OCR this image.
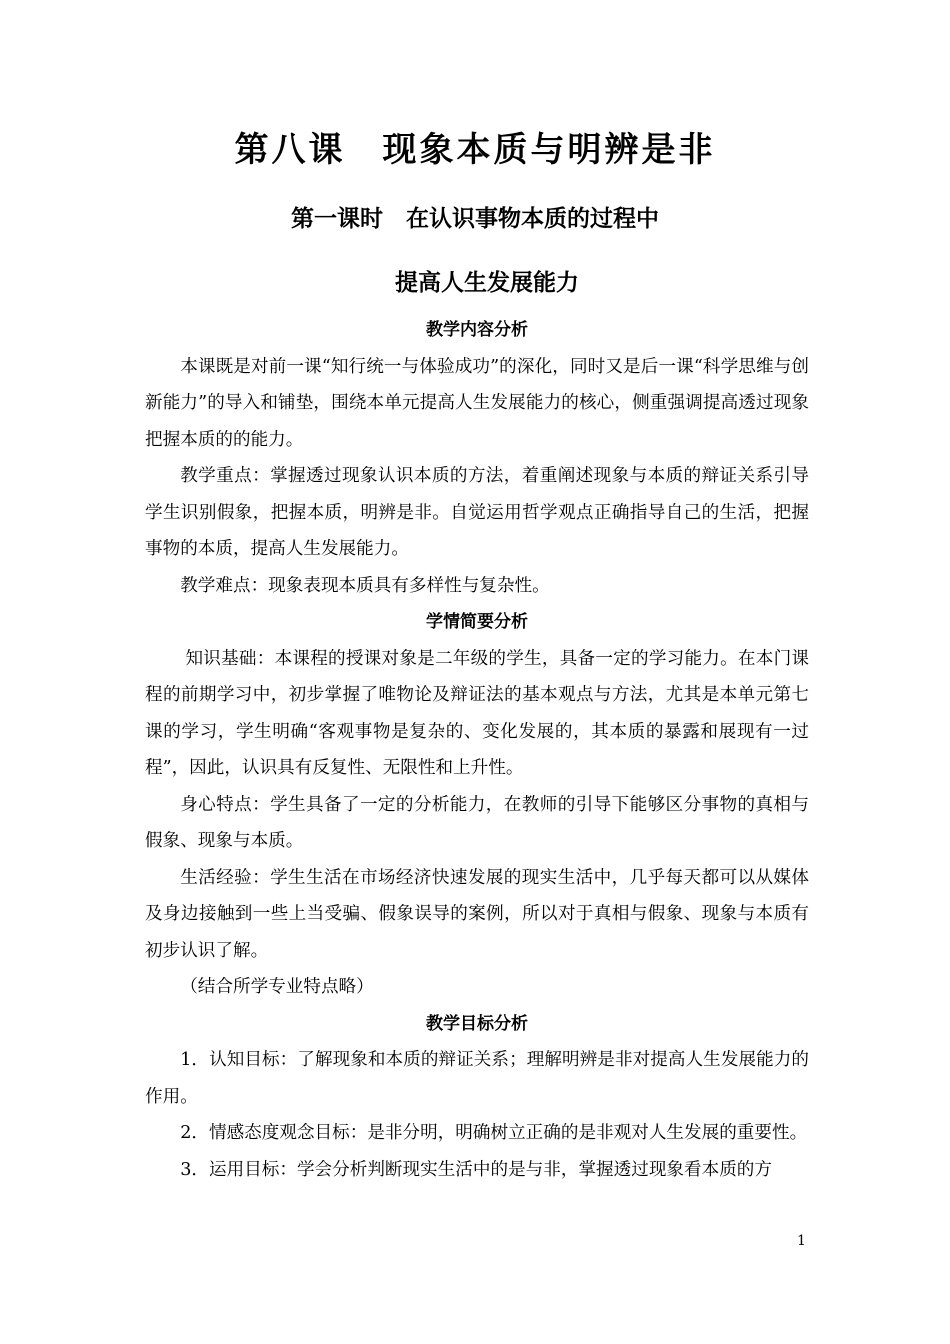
第八课　现象本质与明辨是非
第一课时　在认识事物本质的过程中
提高人生发展能力
教学内容分析

本课既是对前一课“知行统一与体验成功”的深化，同时又是后一课“科学思维与创新能力”的导入和铺垫，围绕本单元提高人生发展能力的核心，侧重强调提高透过现象把握本质的的能力。

教学重点：掌握透过现象认识本质的方法，着重阐述现象与本质的辩证关系引导学生识别假象，把握本质，明辨是非。自觉运用哲学观点正确指导自己的生活，把握事物的本质，提高人生发展能力。

教学难点：现象表现本质具有多样性与复杂性。

学情简要分析

知识基础：本课程的授课对象是二年级的学生，具备一定的学习能力。在本门课程的前期学习中，初步掌握了唯物论及辩证法的基本观点与方法，尤其是本单元第七课的学习，学生明确“客观事物是复杂的、变化发展的，其本质的暴露和展现有一过程”，因此，认识具有反复性、无限性和上升性。

身心特点：学生具备了一定的分析能力，在教师的引导下能够区分事物的真相与假象、现象与本质。

生活经验：学生生活在市场经济快速发展的现实生活中，几乎每天都可以从媒体及身边接触到一些上当受骗、假象误导的案例，所以对于真相与假象、现象与本质有初步认识了解。

（结合所学专业特点略）

教学目标分析

1．认知目标：了解现象和本质的辩证关系；理解明辨是非对提高人生发展能力的作用。

2．情感态度观念目标：是非分明，明确树立正确的是非观对人生发展的重要性。

3．运用目标：学会分析判断现实生活中的是与非，掌握透过现象看本质的方

1
